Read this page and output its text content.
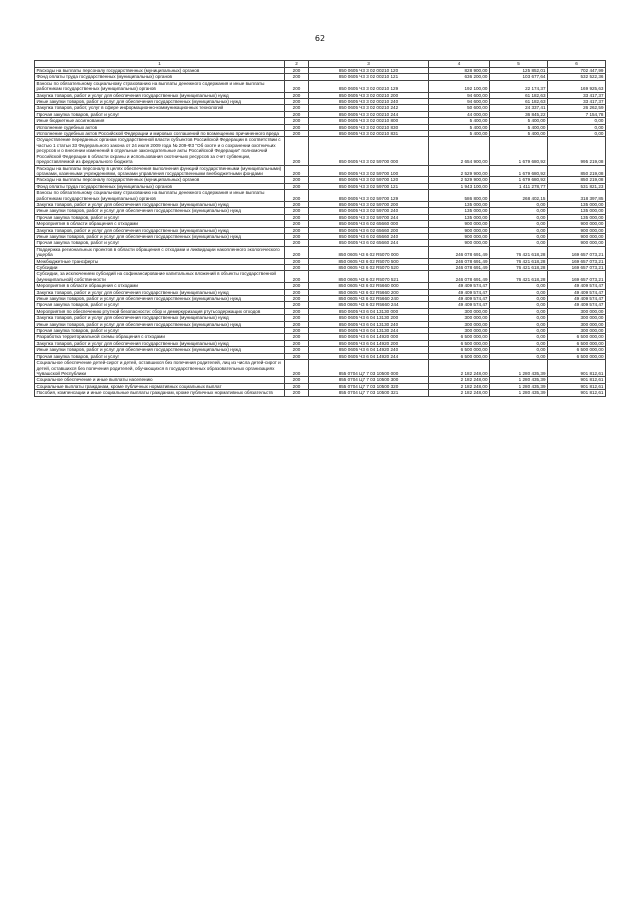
62
1	2	3	4	5	6
Расходы на выплаты персоналу государственных (муниципальных) органов	200	850 0605 Ч3 3 02 00210 120	828 900,00	125 852,01	702 447,99
Фонд оплаты труда государственных (муниципальных) органов	200	850 0605 Ч3 3 02 00210 121	636 200,00	103 677,64	532 522,36
Взносы по обязательному социальному страхованию на выплаты денежного содержания и иные выплаты работникам государственных (муниципальных) органов	200	850 0605 Ч3 3 02 00210 129	192 100,00	22 174,37	169 925,63
Закупка товаров, работ и услуг для обеспечения государственных (муниципальных) нужд	200	850 0605 Ч3 3 02 00210 200	94 600,00	61 182,63	33 417,37
Иные закупки товаров, работ и услуг для обеспечения государственных (муниципальных) нужд	200	850 0605 Ч3 3 02 00210 240	94 600,00	61 182,63	33 417,37
Закупка товаров, работ, услуг в сфере информационно-коммуникационных технологий	200	850 0605 Ч3 3 02 00210 242	50 600,00	24 337,41	26 262,59
Прочая закупка товаров, работ и услуг	200	850 0605 Ч3 3 02 00210 244	44 000,00	36 845,22	7 154,78
Иные бюджетные ассигнования	200	850 0605 Ч3 3 02 00210 800	5 400,00	5 400,00	0,00
Исполнение судебных актов	200	850 0605 Ч3 3 02 00210 830	5 400,00	5 400,00	0,00
Исполнение судебных актов Российской Федерации и мировых соглашений по возмещению причиненного вреда	200	850 0605 Ч3 3 02 00210 831	5 400,00	5 400,00	0,00
Осуществление переданных органам государственной власти субъектов Российской Федерации в соответствии с частью 1 статьи 33 Федерального закона от 24 июля 2009 года № 209-ФЗ "Об охоте и о сохранении охотничьих ресурсов и о внесении изменений в отдельные законодательные акты Российской Федерации" полномочий Российской Федерации в области охраны и использования охотничьих ресурсов за счет субвенции, предоставляемой из федерального бюджета	200	850 0605 Ч3 3 02 59700 000	2 654 900,00	1 679 680,92	995 219,08
Расходы на выплаты персоналу в целях обеспечения выполнения функций государственными (муниципальными) органами, казенными учреждениями, органами управления государственными внебюджетными фондами	200	850 0605 Ч3 3 02 59700 100	2 529 900,00	1 679 680,92	850 219,08
Расходы на выплаты персоналу государственных (муниципальных) органов	200	850 0605 Ч3 3 02 59700 120	2 529 900,00	1 679 680,92	850 219,08
Фонд оплаты труда государственных (муниципальных) органов	200	850 0605 Ч3 3 02 59700 121	1 943 100,00	1 411 278,77	531 821,23
Взносы по обязательному социальному страхованию на выплаты денежного содержания и иные выплаты работникам государственных (муниципальных) органов	200	850 0605 Ч3 3 02 59700 129	586 800,00	268 402,15	318 397,85
Закупка товаров, работ и услуг для обеспечения государственных (муниципальных) нужд	200	850 0605 Ч3 3 02 59700 200	135 000,00	0,00	135 000,00
Иные закупки товаров, работ и услуг для обеспечения государственных (муниципальных) нужд	200	850 0605 Ч3 3 02 59700 240	135 000,00	0,00	135 000,00
Прочая закупка товаров, работ и услуг	200	850 0605 Ч3 3 02 59700 244	135 000,00	0,00	135 000,00
Мероприятия в области обращения с отходами	200	850 0605 Ч3 6 02 65660 000	900 000,00	0,00	900 000,00
Закупка товаров, работ и услуг для обеспечения государственных (муниципальных) нужд	200	850 0605 Ч3 6 02 65660 200	900 000,00	0,00	900 000,00
Иные закупки товаров, работ и услуг для обеспечения государственных (муниципальных) нужд	200	850 0605 Ч3 6 02 65660 240	900 000,00	0,00	900 000,00
Прочая закупка товаров, работ и услуг	200	850 0605 Ч3 6 02 65660 244	900 000,00	0,00	900 000,00
Поддержка региональных проектов в области обращения с отходами и ликвидации накопленного экологического ущерба	200	850 0605 Ч3 6 02 R5070 000	246 078 691,49	76 421 618,28	169 657 073,21
Межбюджетные трансферты	200	850 0605 Ч3 6 02 R5070 500	246 078 691,49	76 421 618,28	169 657 073,21
Субсидии	200	850 0605 Ч3 6 02 R5070 520	246 078 691,49	76 421 618,28	169 657 073,21
Субсидии, за исключением субсидий на софинансирование капитальных вложений в объекты государственной (муниципальной) собственности	200	850 0605 Ч3 6 02 R5070 521	246 078 691,49	76 421 618,28	169 657 073,21
Мероприятия в области обращения с отходами	200	850 0605 Ч3 6 02 R5660 000	49 409 574,47	0,00	49 409 574,47
Закупка товаров, работ и услуг для обеспечения государственных (муниципальных) нужд	200	850 0605 Ч3 6 02 R5660 200	49 409 574,47	0,00	49 409 574,47
Иные закупки товаров, работ и услуг для обеспечения государственных (муниципальных) нужд	200	850 0605 Ч3 6 02 R5660 240	49 409 574,47	0,00	49 409 574,47
Прочая закупка товаров, работ и услуг	200	850 0605 Ч3 6 02 R5660 244	49 409 574,47	0,00	49 409 574,47
Мероприятия по обеспечению ртутной безопасности: сбор и демеркуризация ртутьсодержащих отходов	200	850 0605 Ч3 6 04 13130 000	300 000,00	0,00	300 000,00
Закупка товаров, работ и услуг для обеспечения государственных (муниципальных) нужд	200	850 0605 Ч3 6 04 13130 200	300 000,00	0,00	300 000,00
Иные закупки товаров, работ и услуг для обеспечения государственных (муниципальных) нужд	200	850 0605 Ч3 6 04 13130 240	300 000,00	0,00	300 000,00
Прочая закупка товаров, работ и услуг	200	850 0605 Ч3 6 04 13130 244	300 000,00	0,00	300 000,00
Разработка территориальной схемы обращения с отходами	200	850 0605 Ч3 6 04 14920 000	6 500 000,00	0,00	6 500 000,00
Закупка товаров, работ и услуг для обеспечения государственных (муниципальных) нужд	200	850 0605 Ч3 6 04 14920 200	6 500 000,00	0,00	6 500 000,00
Иные закупки товаров, работ и услуг для обеспечения государственных (муниципальных) нужд	200	850 0605 Ч3 6 04 14920 240	6 500 000,00	0,00	6 500 000,00
Прочая закупка товаров, работ и услуг	200	850 0605 Ч3 6 04 14920 244	6 500 000,00	0,00	6 500 000,00
Социальное обеспечение детей-сирот и детей, оставшихся без попечения родителей, лиц из числа детей-сирот и детей, оставшихся без попечения родителей, обучающихся в государственных образовательных организациях Чувашской Республики	200	855 0704 Ц7 7 03 10500 000	2 182 248,00	1 280 435,39	901 812,61
Социальное обеспечение и иные выплаты населению	200	855 0704 Ц7 7 03 10500 300	2 182 248,00	1 280 435,39	901 812,61
Социальные выплаты гражданам, кроме публичных нормативных социальных выплат	200	855 0704 Ц7 7 03 10500 320	2 182 248,00	1 280 435,39	901 812,61
Пособия, компенсации и иные социальные выплаты гражданам, кроме публичных нормативных обязательств	200	855 0704 Ц7 7 03 10500 321	2 182 248,00	1 280 435,39	901 812,61
